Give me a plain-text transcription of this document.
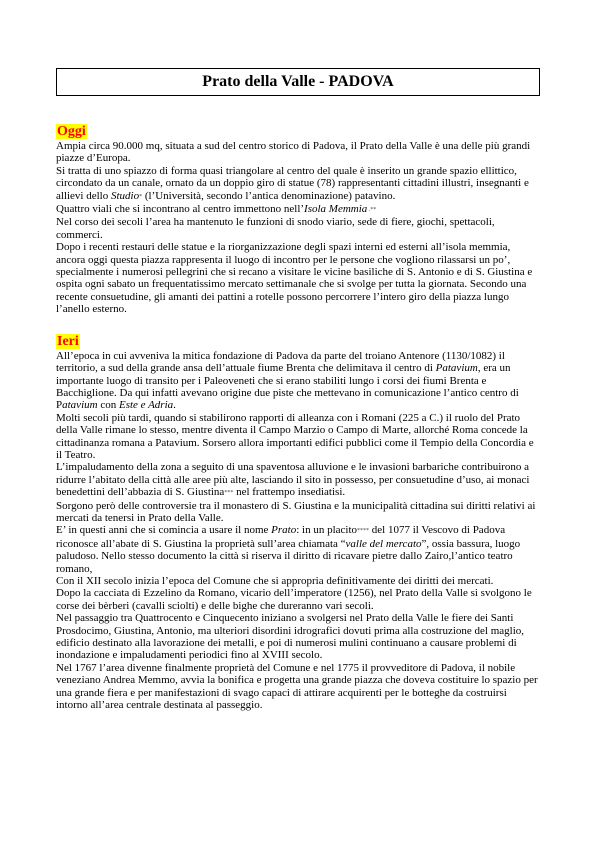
Prato della Valle - PADOVA
Oggi

Ampia circa 90.000 mq, situata a sud del centro storico di Padova, il Prato della Valle è una delle più grandi piazze d’Europa.

Si tratta di uno spiazzo di forma quasi triangolare al centro del quale è inserito un grande spazio ellittico, circondato da un canale, ornato da un doppio giro di statue (78) rappresentanti cittadini illustri, insegnanti e allievi dello Studio* (l’Università, secondo l’antica denominazione) patavino.

Quattro viali che si incontrano al centro immettono nell’Isola Memmia .**

Nel corso dei secoli l’area ha mantenuto le funzioni di snodo viario, sede di fiere, giochi, spettacoli, commerci.

Dopo i recenti restauri delle statue e la riorganizzazione degli spazi interni ed esterni all’isola memmia, ancora oggi questa piazza rappresenta il luogo di incontro per le persone che vogliono rilassarsi un po’, specialmente i numerosi pellegrini che si recano a visitare le vicine basiliche di S. Antonio e di S. Giustina e ospita ogni sabato un frequentatissimo mercato settimanale che si svolge per tutta la giornata. Secondo una recente consuetudine, gli amanti dei pattini a rotelle possono percorrere l’intero giro della piazza lungo l’anello esterno.

Ieri

All’epoca in cui avveniva la mitica fondazione di Padova da parte del troiano Antenore (1130/1082) il territorio, a sud della grande ansa dell’attuale fiume Brenta che delimitava il centro di Patavium, era un importante luogo di transito per i Paleoveneti che si erano stabiliti lungo i corsi dei fiumi Brenta e Bacchiglione. Da qui infatti avevano origine due piste che mettevano in comunicazione l’antico centro di Patavium con Este e Adria.

Molti secoli più tardi, quando si stabilirono rapporti di alleanza con i Romani (225 a C.) il ruolo del Prato della Valle rimane lo stesso, mentre diventa il Campo Marzio o Campo di Marte, allorché Roma concede la cittadinanza romana a Patavium. Sorsero allora importanti edifici pubblici come il Tempio della Concordia e il Teatro.

L’impaludamento della zona a seguito di una spaventosa alluvione e le invasioni barbariche contribuirono a ridurre l’abitato della città alle aree più alte, lasciando il sito in possesso, per consuetudine d’uso, ai monaci benedettini dell’abbazia di S. Giustina*** nel frattempo insediatisi.

Sorgono però delle controversie tra il monastero di S. Giustina e la municipalità cittadina sui diritti relativi ai mercati da tenersi in Prato della Valle.

E’ in questi anni che si comincia a usare il nome Prato: in un placito**** del 1077 il Vescovo di Padova riconosce all’abate di S. Giustina la proprietà sull’area chiamata “valle del mercato”, ossia bassura, luogo paludoso. Nello stesso documento la città si riserva il diritto di ricavare pietre dallo Zairo,l’antico teatro romano,

Con il XII secolo inizia l’epoca del Comune che si appropria definitivamente dei diritti dei mercati.

Dopo la cacciata di Ezzelino da Romano, vicario dell’imperatore (1256), nel Prato della Valle si svolgono le corse dei bèrberi (cavalli sciolti) e delle bighe che dureranno vari secoli.

Nel passaggio tra Quattrocento e Cinquecento iniziano a svolgersi nel Prato della Valle le fiere dei Santi Prosdocimo, Giustina, Antonio, ma ulteriori disordini idrografici dovuti prima alla costruzione del maglio, edificio destinato alla lavorazione dei metalli, e poi di numerosi mulini continuano a causare problemi di inondazione e impaludamenti periodici fino al XVIII secolo.

Nel 1767 l’area divenne finalmente proprietà del Comune e nel 1775 il provveditore di Padova, il nobile veneziano Andrea Memmo, avvia la bonifica e progetta una grande piazza che doveva costituire lo spazio per una grande fiera e per manifestazioni di svago capaci di attirare acquirenti per le botteghe da costruirsi intorno all’area centrale destinata al passeggio.
